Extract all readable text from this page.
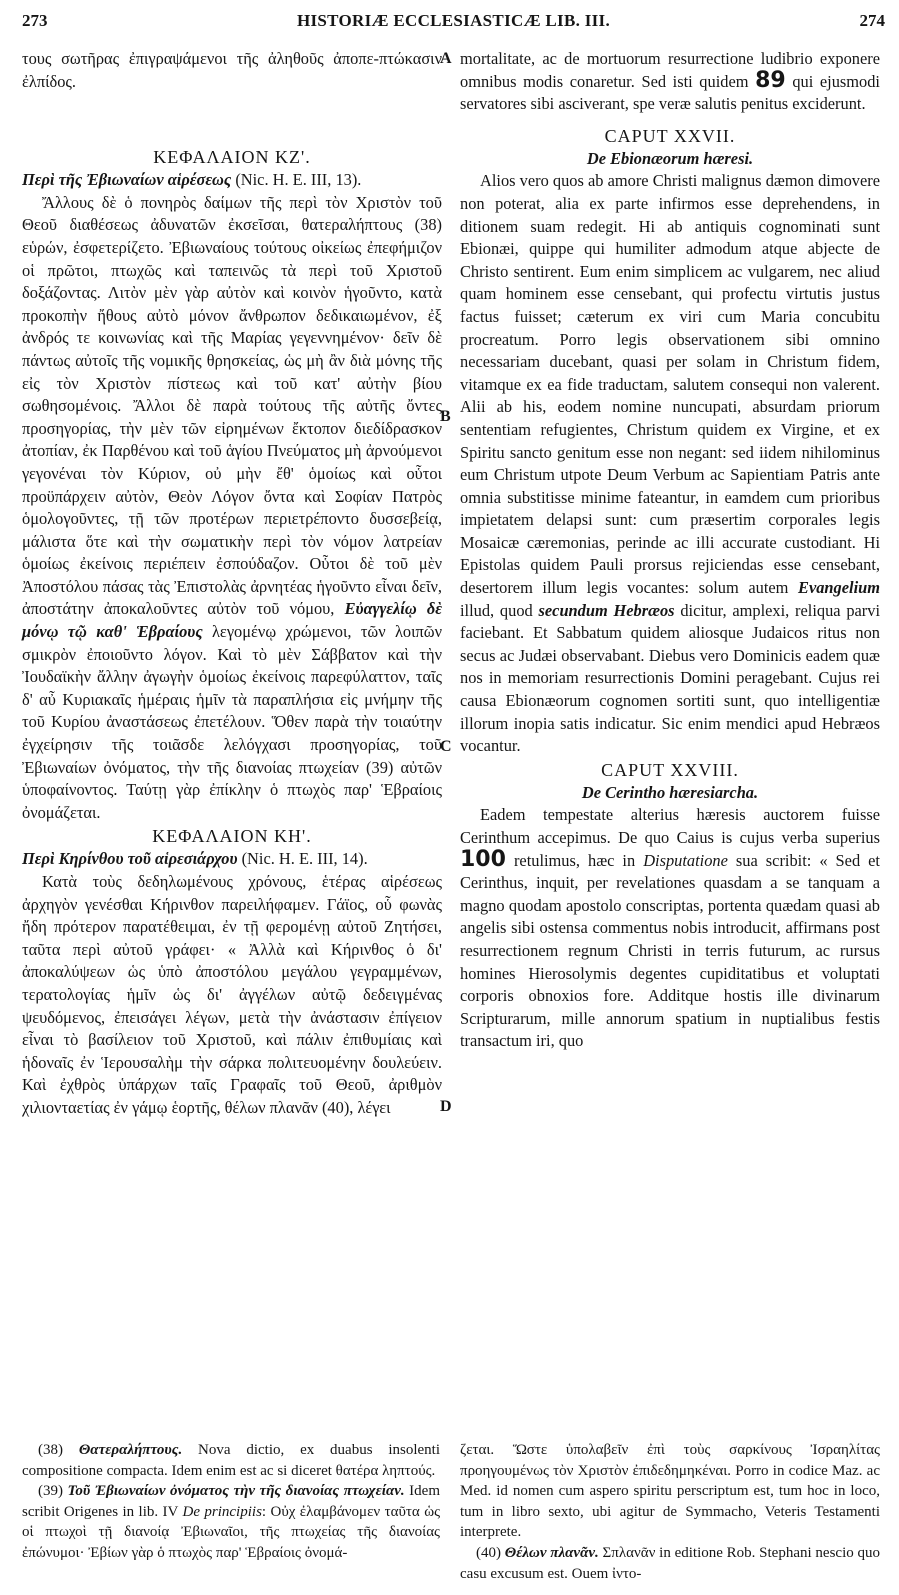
273	HISTORIÆ ECCLESIASTICÆ LIB. III.	274
A
B
C
D

τους σωτῆρας ἐπιγραψάμενοι τῆς ἀληθοῦς ἀποπε-πτώκασιν ἐλπίδος.

ΚΕΦΑΛΑΙΟΝ ΚΖ'.
Περὶ τῆς Ἐβιωναίων αἱρέσεως (Nic. H. E. III, 13).

Ἄλλους δὲ ὁ πονηρὸς δαίμων τῆς περὶ τὸν Χριστὸν τοῦ Θεοῦ διαθέσεως ἀδυνατῶν ἐκσεῖσαι, θατεραλήπτους (38) εὑρών, ἐσφετερίζετο. Ἐβιωναίους τούτους οἰκείως ἐπεφήμιζον οἱ πρῶτοι, πτωχῶς καὶ ταπεινῶς τὰ περὶ τοῦ Χριστοῦ δοξάζοντας. Λιτὸν μὲν γὰρ αὐτὸν καὶ κοινὸν ἡγοῦντο, κατὰ προκοπὴν ἤθους αὐτὸ μόνον ἄνθρωπον δεδικαιωμένον, ἐξ ἀνδρός τε κοινωνίας καὶ τῆς Μαρίας γεγεννημένον· δεῖν δὲ πάντως αὐτοῖς τῆς νομικῆς θρησκείας, ὡς μὴ ἂν διὰ μόνης τῆς εἰς τὸν Χριστὸν πίστεως καὶ τοῦ κατ' αὐτὴν βίου σωθησομένοις. Ἄλλοι δὲ παρὰ τούτους τῆς αὐτῆς ὄντες προσηγορίας, τὴν μὲν τῶν εἰρημένων ἔκτοπον διεδίδρασκον ἀτοπίαν, ἐκ Παρθένου καὶ τοῦ ἁγίου Πνεύματος μὴ ἀρνούμενοι γεγονέναι τὸν Κύριον, οὐ μὴν ἔθ' ὁμοίως καὶ οὗτοι προϋπάρχειν αὐτὸν, Θεὸν Λόγον ὄντα καὶ Σοφίαν Πατρὸς ὁμολογοῦντες, τῇ τῶν προτέρων περιετρέποντο δυσσεβείᾳ, μάλιστα ὅτε καὶ τὴν σωματικὴν περὶ τὸν νόμον λατρείαν ὁμοίως ἐκείνοις περιέπειν ἐσπούδαζον. Οὗτοι δὲ τοῦ μὲν Ἀποστόλου πάσας τὰς Ἐπιστολὰς ἀρνητέας ἡγοῦντο εἶναι δεῖν, ἀποστάτην ἀποκαλοῦντες αὐτὸν τοῦ νόμου, Εὐαγγελίῳ δὲ μόνῳ τῷ καθ' Ἑβραίους λεγομένῳ χρώμενοι, τῶν λοιπῶν σμικρὸν ἐποιοῦντο λόγον. Καὶ τὸ μὲν Σάββατον καὶ τὴν Ἰουδαϊκὴν ἄλλην ἀγωγὴν ὁμοίως ἐκείνοις παρεφύλαττον, ταῖς δ' αὖ Κυριακαῖς ἡμέραις ἡμῖν τὰ παραπλήσια εἰς μνήμην τῆς τοῦ Κυρίου ἀναστάσεως ἐπετέλουν. Ὅθεν παρὰ τὴν τοιαύτην ἐγχείρησιν τῆς τοιᾶσδε λελόγχασι προσηγορίας, τοῦ Ἐβιωναίων ὀνόματος, τὴν τῆς διανοίας πτωχείαν (39) αὐτῶν ὑποφαίνοντος. Ταύτῃ γὰρ ἐπίκλην ὁ πτωχὸς παρ' Ἑβραίοις ὀνομάζεται.

ΚΕΦΑΛΑΙΟΝ ΚΗ'.
Περὶ Κηρίνθου τοῦ αἱρεσιάρχου (Nic. H. E. III, 14).

Κατὰ τοὺς δεδηλωμένους χρόνους, ἑτέρας αἱρέσεως ἀρχηγὸν γενέσθαι Κήρινθον παρειλήφαμεν. Γάϊος, οὗ φωνὰς ἤδη πρότερον παρατέθειμαι, ἐν τῇ φερομένῃ αὐτοῦ Ζητήσει, ταῦτα περὶ αὐτοῦ γράφει· « Ἀλλὰ καὶ Κήρινθος ὁ δι' ἀποκαλύψεων ὡς ὑπὸ ἀποστόλου μεγάλου γεγραμμένων, τερατολογίας ἡμῖν ὡς δι' ἀγγέλων αὐτῷ δεδειγμένας ψευδόμενος, ἐπεισάγει λέγων, μετὰ τὴν ἀνάστασιν ἐπίγειον εἶναι τὸ βασίλειον τοῦ Χριστοῦ, καὶ πάλιν ἐπιθυμίαις καὶ ἡδοναῖς ἐν Ἱερουσαλὴμ τὴν σάρκα πολιτευομένην δουλεύειν. Καὶ ἐχθρὸς ὑπάρχων ταῖς Γραφαῖς τοῦ Θεοῦ, ἀριθμὸν χιλιονταετίας ἐν γάμῳ ἑορτῆς, θέλων πλανᾶν (40), λέγει

mortalitate, ac de mortuorum resurrectione ludibrio exponere omnibus modis conaretur. Sed isti quidem 89 qui ejusmodi servatores sibi asciverant, spe veræ salutis penitus exciderunt.

CAPUT XXVII.
De Ebionæorum hæresi.

Alios vero quos ab amore Christi malignus dæmon dimovere non poterat, alia ex parte infirmos esse deprehendens, in ditionem suam redegit. Hi ab antiquis cognominati sunt Ebionæi, quippe qui humiliter admodum atque abjecte de Christo sentirent. Eum enim simplicem ac vulgarem, nec aliud quam hominem esse censebant, qui profectu virtutis justus factus fuisset; cæterum ex viri cum Maria concubitu procreatum. Porro legis observationem sibi omnino necessariam ducebant, quasi per solam in Christum fidem, vitamque ex ea fide traductam, salutem consequi non valerent. Alii ab his, eodem nomine nuncupati, absurdam priorum sententiam refugientes, Christum quidem ex Virgine, et ex Spiritu sancto genitum esse non negant: sed iidem nihilominus eum Christum utpote Deum Verbum ac Sapientiam Patris ante omnia substitisse minime fateantur, in eamdem cum prioribus impietatem delapsi sunt: cum præsertim corporales legis Mosaicæ cæremonias, perinde ac illi accurate custodiant. Hi Epistolas quidem Pauli prorsus rejiciendas esse censebant, desertorem illum legis vocantes: solum autem Evangelium illud, quod secundum Hebræos dicitur, amplexi, reliqua parvi faciebant. Et Sabbatum quidem aliosque Judaicos ritus non secus ac Judæi observabant. Diebus vero Dominicis eadem quæ nos in memoriam resurrectionis Domini peragebant. Cujus rei causa Ebionæorum cognomen sortiti sunt, quo intelligentiæ illorum inopia satis indicatur. Sic enim mendici apud Hebræos vocantur.

CAPUT XXVIII.
De Cerintho hæresiarcha.

Eadem tempestate alterius hæresis auctorem fuisse Cerinthum accepimus. De quo Caius is cujus verba superius 100 retulimus, hæc in Disputatione sua scribit: « Sed et Cerinthus, inquit, per revelationes quasdam a se tanquam a magno quodam apostolo conscriptas, portenta quædam quasi ab angelis sibi ostensa commentus nobis introducit, affirmans post resurrectionem regnum Christi in terris futurum, ac rursus homines Hierosolymis degentes cupiditatibus et voluptati corporis obnoxios fore. Additque hostis ille divinarum Scripturarum, mille annorum spatium in nuptialibus festis transactum iri, quo

(38) Θατεραλήπτους. Nova dictio, ex duabus insolenti compositione compacta. Idem enim est ac si diceret θατέρα ληπτούς.

(39) Τοῦ Ἐβιωναίων ὀνόματος τὴν τῆς διανοίας πτωχείαν. Idem scribit Origenes in lib. IV De principiis: Οὐχ ἐλαμβάνομεν ταῦτα ὡς οἱ πτωχοὶ τῇ διανοίᾳ Ἐβιωναῖοι, τῆς πτωχείας τῆς διανοίας ἐπώνυμοι· Ἐβίων γὰρ ὁ πτωχὸς παρ' Ἑβραίοις ὀνομά-

ζεται. Ὥστε ὑπολαβεῖν ἐπὶ τοὺς σαρκίνους Ἰσραηλίτας προηγουμένως τὸν Χριστὸν ἐπιδεδημηκέναι. Porro in codice Maz. ac Med. id nomen cum aspero spiritu perscriptum est, tum hoc in loco, tum in libro sexto, ubi agitur de Symmacho, Veteris Testamenti interprete.

(40) Θέλων πλανᾶν. Σπλανᾶν in editione Rob. Stephani nescio quo casu excusum est. Ouem ἰντο-
